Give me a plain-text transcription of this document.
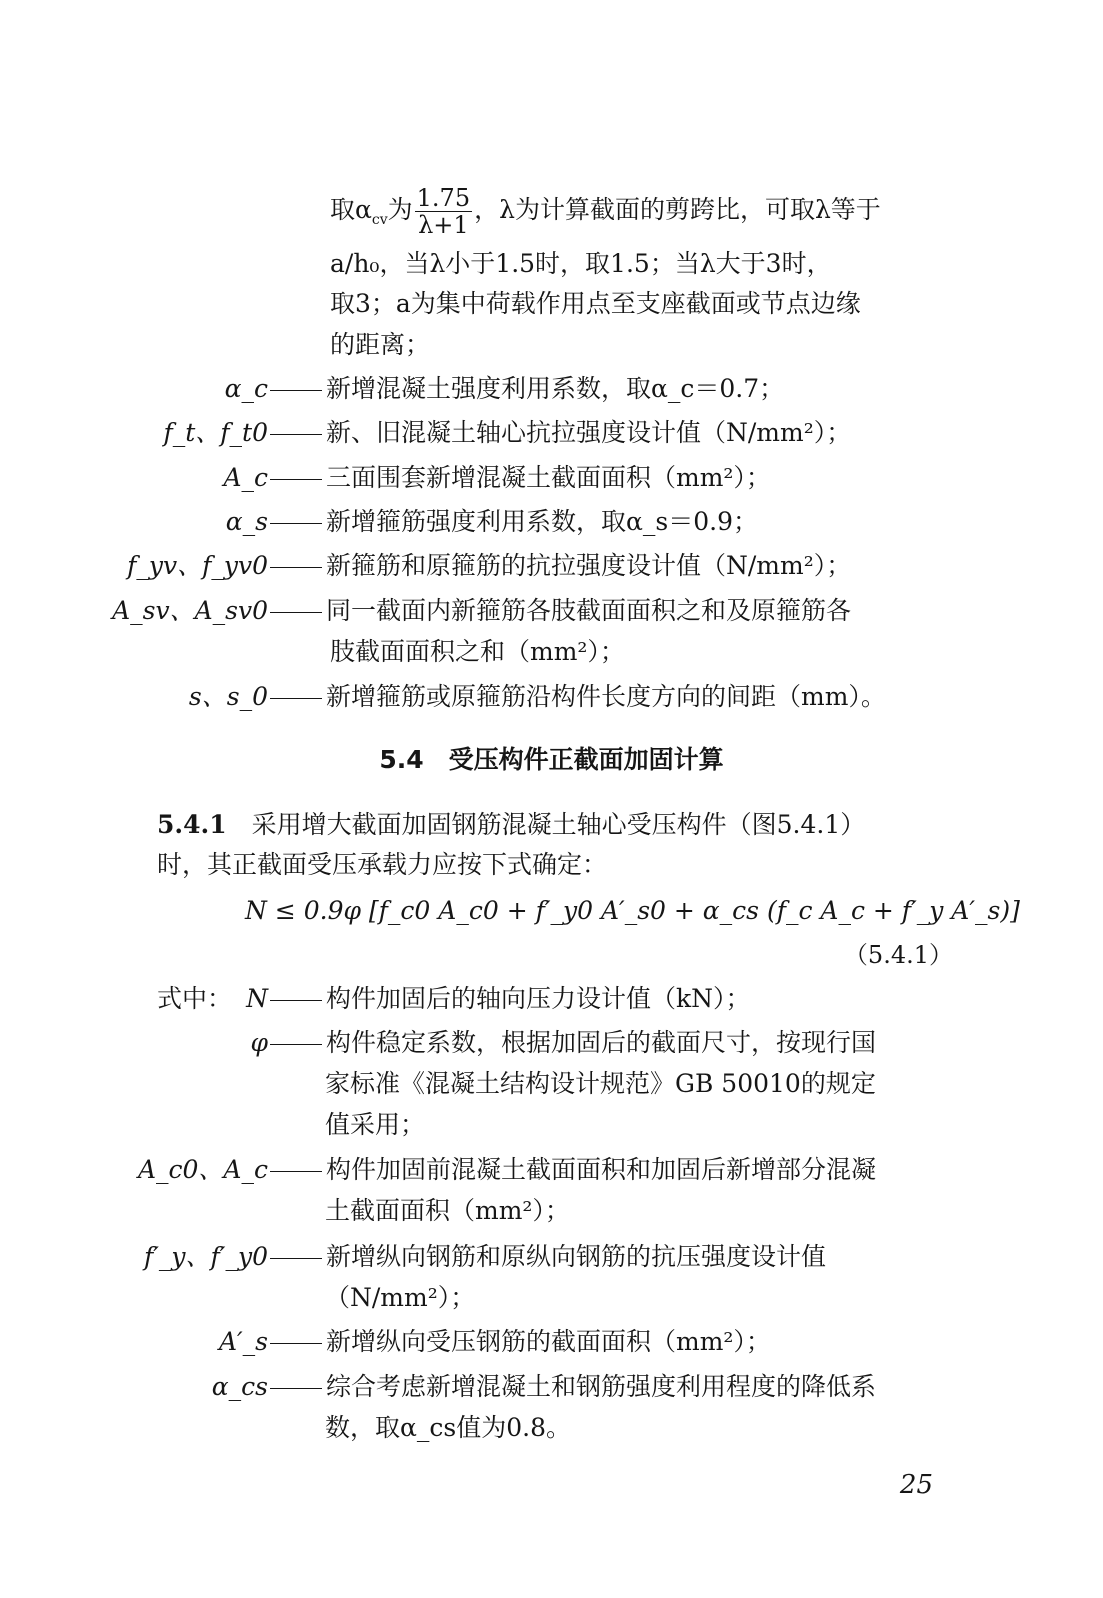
取$\alpha_{cv}$为 $\frac{1.75}{\lambda+1}$ ，λ为计算截面的剪跨比，可取λ等于
a/h₀，当λ小于1.5时，取1.5；当λ大于3时，
取3；a为集中荷载作用点至支座截面或节点边缘
的距离；
α_c	新增混凝土强度利用系数，取α_c＝0.7；
f_t、f_t0	新、旧混凝土轴心抗拉强度设计值（N/mm²）；
A_c	三面围套新增混凝土截面面积（mm²）；
α_s	新增箍筋强度利用系数，取α_s＝0.9；
f_yv、f_yv0	新箍筋和原箍筋的抗拉强度设计值（N/mm²）；
A_sv、A_sv0	同一截面内新箍筋各肢截面面积之和及原箍筋各
肢截面面积之和（mm²）；
s、s_0	新增箍筋或原箍筋沿构件长度方向的间距（mm）。
5.4　受压构件正截面加固计算
5.4.1　 采用增大截面加固钢筋混凝土轴心受压构件（图5.4.1）
时，其正截面受压承载力应按下式确定：
N ≤ 0.9φ [f_c0 A_c0 + f′_y0 A′_s0 + α_cs (f_c A_c + f′_y A′_s)]
（5.4.1）
式中： N	构件加固后的轴向压力设计值（kN）；
φ	构件稳定系数，根据加固后的截面尺寸，按现行国
家标准《混凝土结构设计规范》GB 50010的规定
值采用；
A_c0、A_c	构件加固前混凝土截面面积和加固后新增部分混凝
土截面面积（mm²）；
f′_y、f′_y0	新增纵向钢筋和原纵向钢筋的抗压强度设计值
（N/mm²）；
A′_s	新增纵向受压钢筋的截面面积（mm²）；
α_cs	综合考虑新增混凝土和钢筋强度利用程度的降低系
数，取α_cs值为0.8。
25
